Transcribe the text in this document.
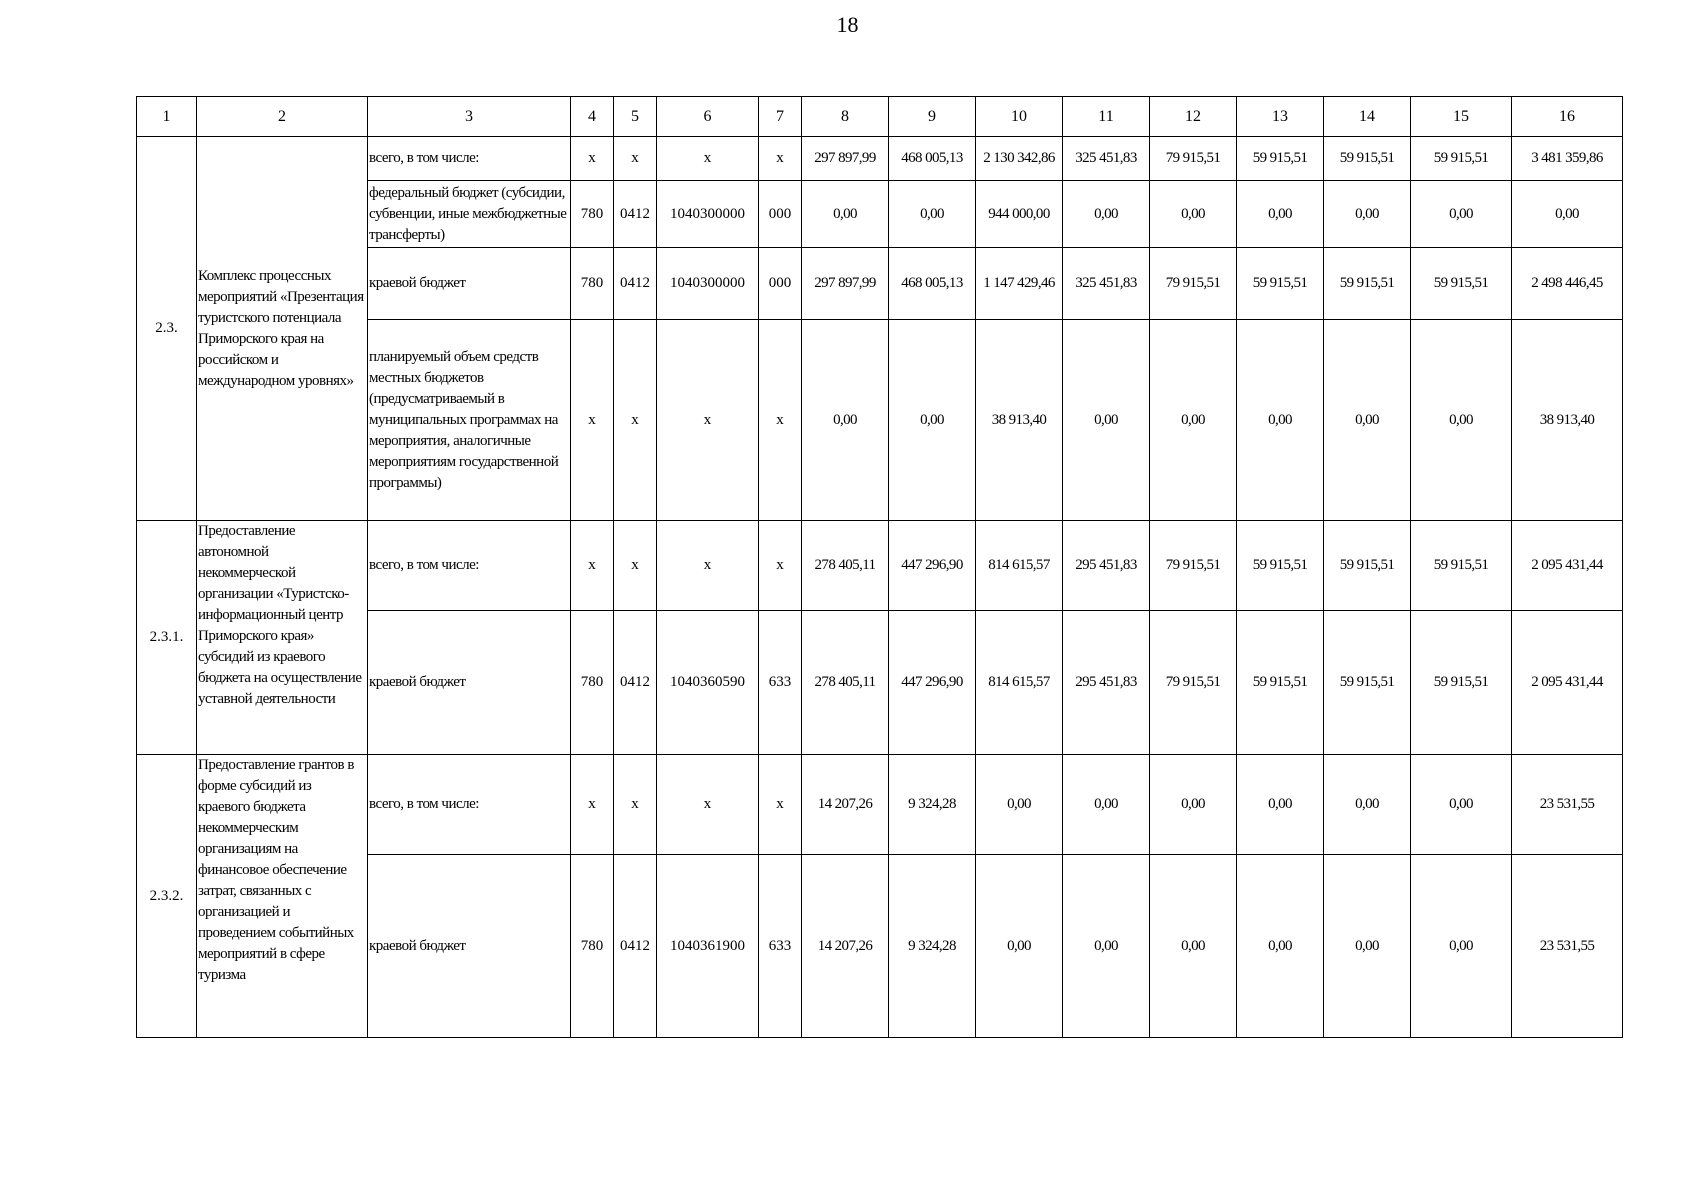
18
1	2	3	4	5	6	7	8	9	10	11	12	13	14	15	16
2.3.	Комплекс процессных мероприятий «Презентация туристского потенциала Приморского края на российском и международном уровнях»	всего, в том числе:	x	x	x	x	297 897,99	468 005,13	2 130 342,86	325 451,83	79 915,51	59 915,51	59 915,51	59 915,51	3 481 359,86
		федеральный бюджет (субсидии, субвенции, иные межбюджетные трансферты)	780	0412	1040300000	000	0,00	0,00	944 000,00	0,00	0,00	0,00	0,00	0,00	0,00
		краевой бюджет	780	0412	1040300000	000	297 897,99	468 005,13	1 147 429,46	325 451,83	79 915,51	59 915,51	59 915,51	59 915,51	2 498 446,45
		планируемый объем средств местных бюджетов (предусматриваемый в муниципальных программах на мероприятия, аналогичные мероприятиям государственной программы)	x	x	x	x	0,00	0,00	38 913,40	0,00	0,00	0,00	0,00	0,00	38 913,40
2.3.1.	Предоставление автономной некоммерческой организации «Туристско-информационный центр Приморского края» субсидий из краевого бюджета на осуществление уставной деятельности	всего, в том числе:	x	x	x	x	278 405,11	447 296,90	814 615,57	295 451,83	79 915,51	59 915,51	59 915,51	59 915,51	2 095 431,44
		краевой бюджет	780	0412	1040360590	633	278 405,11	447 296,90	814 615,57	295 451,83	79 915,51	59 915,51	59 915,51	59 915,51	2 095 431,44
2.3.2.	Предоставление грантов в форме субсидий из краевого бюджета некоммерческим организациям на финансовое обеспечение затрат, связанных с организацией и проведением событийных мероприятий в сфере туризма	всего, в том числе:	x	x	x	x	14 207,26	9 324,28	0,00	0,00	0,00	0,00	0,00	0,00	23 531,55
		краевой бюджет	780	0412	1040361900	633	14 207,26	9 324,28	0,00	0,00	0,00	0,00	0,00	0,00	23 531,55
